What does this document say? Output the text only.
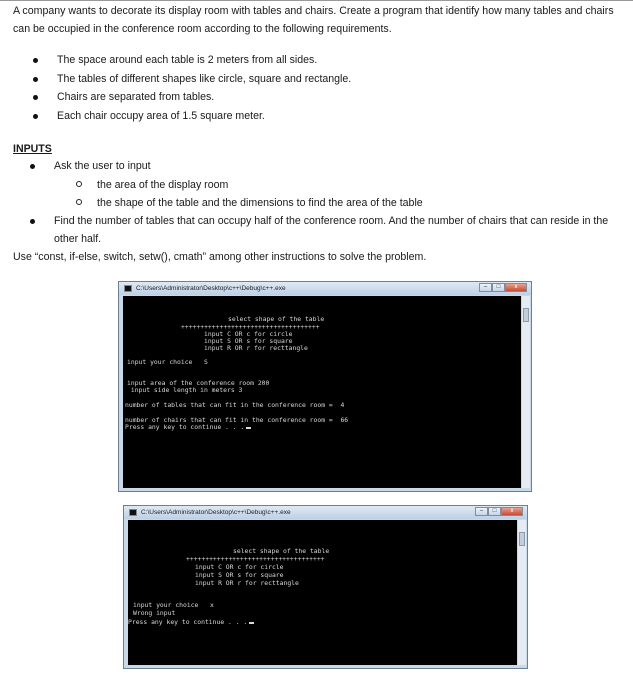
A company wants to decorate its display room with tables and chairs. Create a program that identify how many tables and chairs can be occupied in the conference room according to the following requirements.
The space around each table is 2 meters from all sides.
The tables of different shapes like circle, square and rectangle.
Chairs are separated from tables.
Each chair occupy area of 1.5 square meter.
INPUTS
Ask the user to input
the area of the display room
the shape of the table and the dimensions to find the area of the table
Find the number of tables that can occupy half of the conference room. And the number of chairs that can reside in the other half.
Use “const, if-else, switch, setw(), cmath” among other instructions to solve the problem.
C:\Users\Administrator\Desktop\c++\Debug\c++.exe	–	□	x
select shape of the table
++++++++++++++++++++++++++++++++++++
input C OR c for circle
input S OR s for square
input R OR r for recttangle
input your choice   S
input area of the conference room 200
input side length in meters 3
number of tables that can fit in the conference room =  4
number of chairs that can fit in the conference room =  66
Press any key to continue . . .
C:\Users\Administrator\Desktop\c++\Debug\c++.exe	–	□	x
select shape of the table
++++++++++++++++++++++++++++++++++++
input C OR c for circle
input S OR s for square
input R OR r for recttangle
input your choice   x
Wrong input
Press any key to continue . . .
